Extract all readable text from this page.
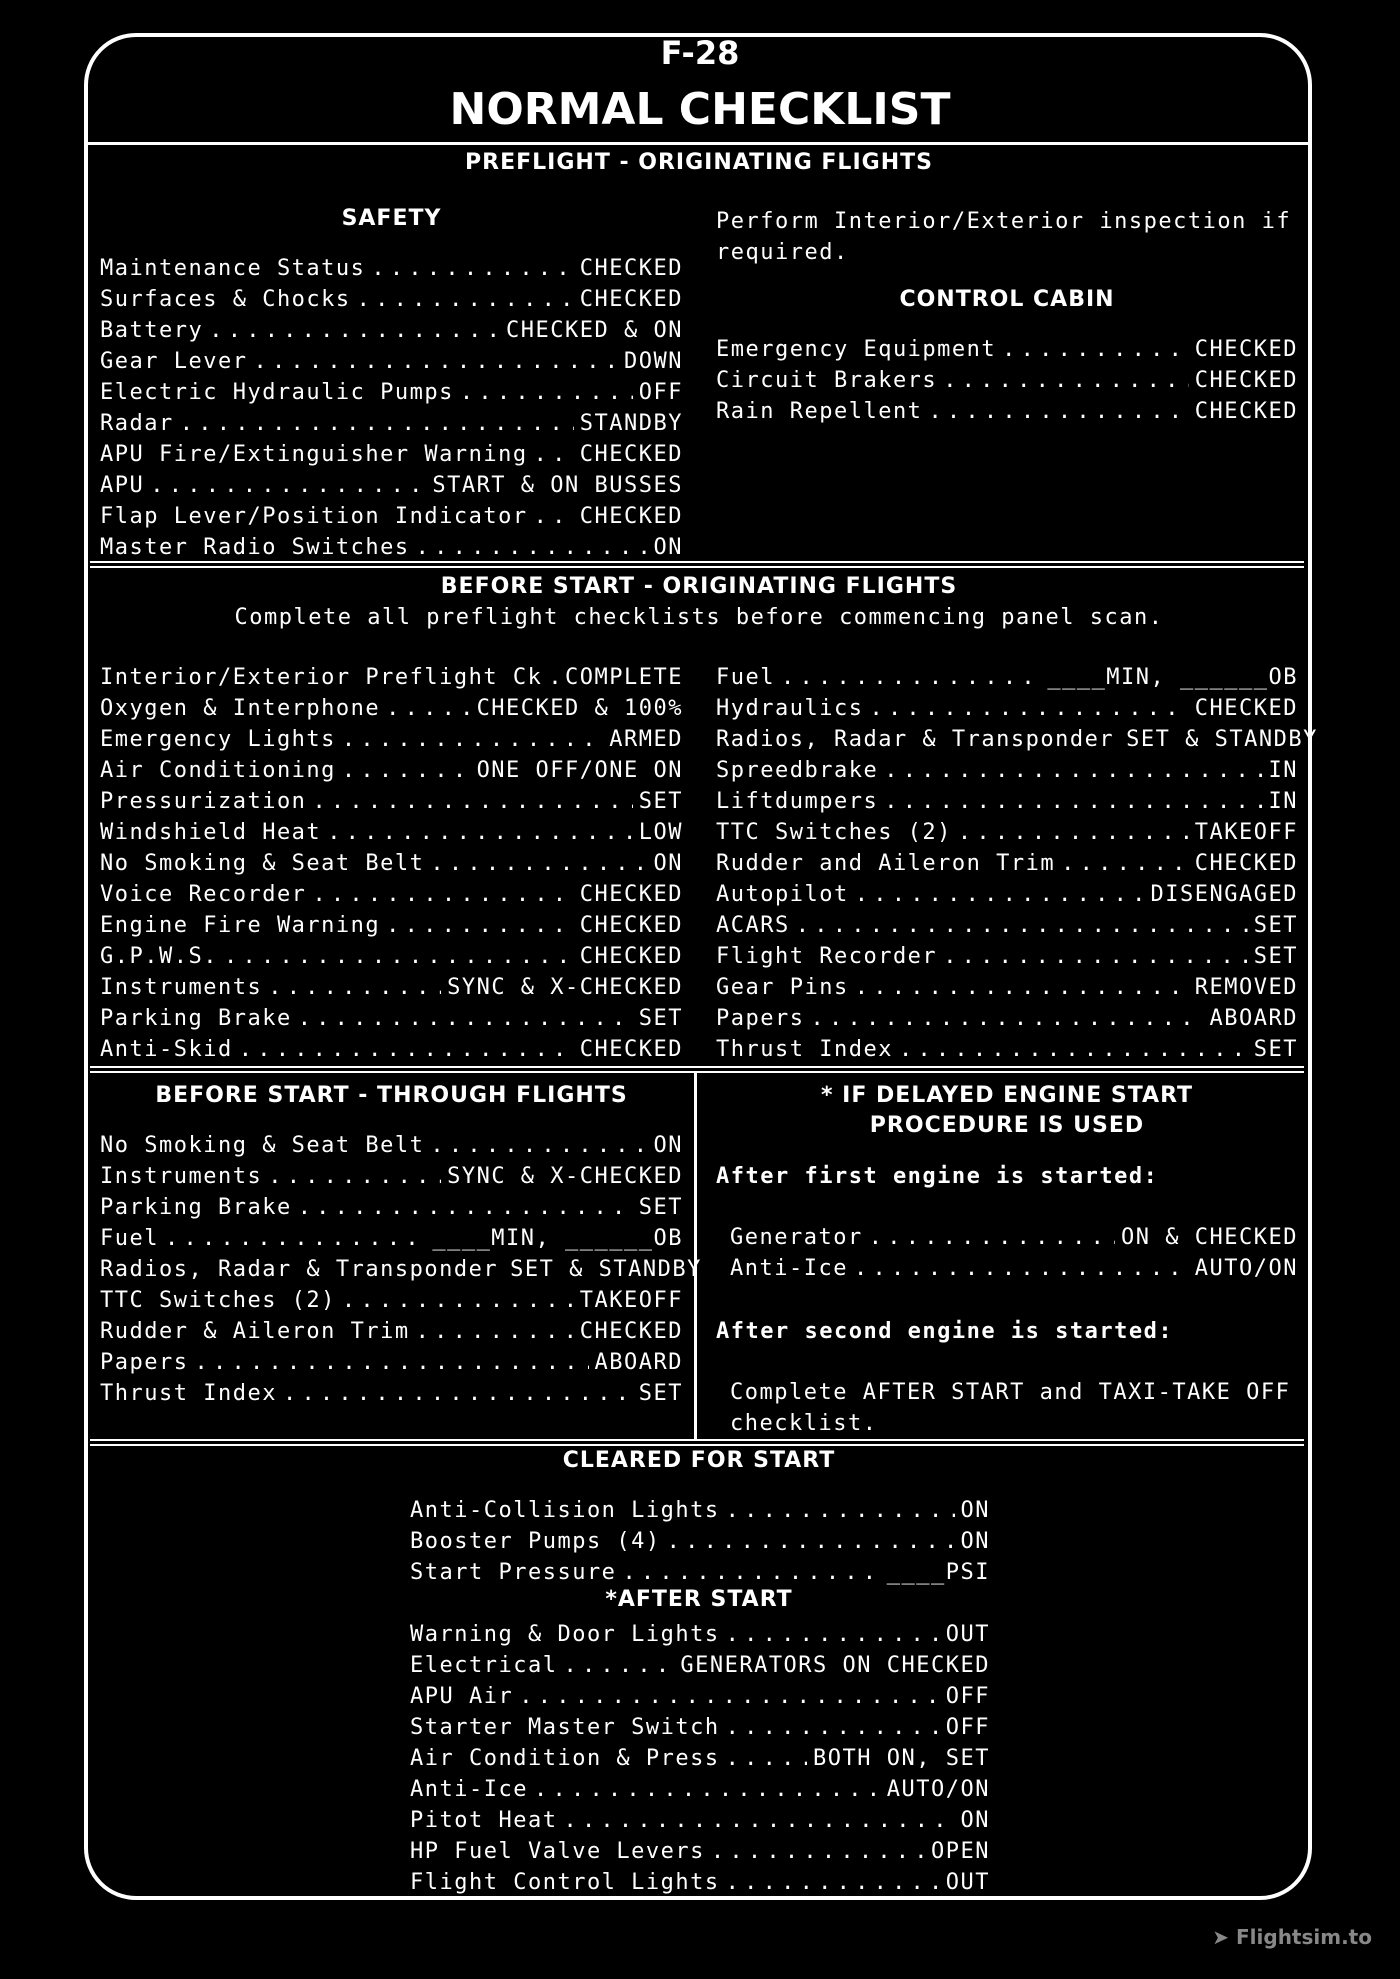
F-28
NORMAL CHECKLIST
PREFLIGHT - ORIGINATING FLIGHTS
SAFETY
Maintenance Status . . .	CHECKED
Surfaces & Chocks . . .	CHECKED
Battery . . .	CHECKED & ON
Gear Lever . . .	DOWN
Electric Hydraulic Pumps . . .	OFF
Radar . . .	STANDBY
APU Fire/Extinguisher Warning . . . CHECKED
APU . . .	START & ON BUSSES
Flap Lever/Position Indicator . . . CHECKED
Master Radio Switches . . .	ON
Perform Interior/Exterior inspection if required.
CONTROL CABIN
Emergency Equipment . . .	CHECKED
Circuit Brakers . . .	CHECKED
Rain Repellent . . .	CHECKED
BEFORE START - ORIGINATING FLIGHTS
Complete all preflight checklists before commencing panel scan.
Interior/Exterior Preflight Ck . . . COMPLETE
Oxygen & Interphone . . .	CHECKED & 100%
Emergency Lights . . .	ARMED
Air Conditioning . . .	ONE OFF/ONE ON
Pressurization . . .	SET
Windshield Heat . . .	LOW
No Smoking & Seat Belt . . .	ON
Voice Recorder . . .	CHECKED
Engine Fire Warning . . .	CHECKED
G.P.W.S. . . .	CHECKED
Instruments . . .	SYNC & X-CHECKED
Parking Brake . . .	SET
Anti-Skid . . .	CHECKED
Fuel . . .	____MIN, ______OB
Hydraulics . . .	CHECKED
Radios, Radar & Transponder SET & STANDBY
Spreedbrake . . .	IN
Liftdumpers . . .	IN
TTC Switches (2) . . .	TAKEOFF
Rudder and Aileron Trim . . .	CHECKED
Autopilot . . .	DISENGAGED
ACARS . . .	SET
Flight Recorder . . .	SET
Gear Pins . . .	REMOVED
Papers . . .	ABOARD
Thrust Index . . .	SET
BEFORE START - THROUGH FLIGHTS
No Smoking & Seat Belt . . .	ON
Instruments . . .	SYNC & X-CHECKED
Parking Brake . . .	SET
Fuel . . .	____MIN, ______OB
Radios, Radar & Transponder SET & STANDBY
TTC Switches (2) . . .	TAKEOFF
Rudder & Aileron Trim . . .	CHECKED
Papers . . .	ABOARD
Thrust Index . . .	SET
* IF DELAYED ENGINE START
PROCEDURE IS USED
After first engine is started:
Generator . . .	ON & CHECKED
Anti-Ice . . .	AUTO/ON
After second engine is started:
Complete AFTER START and TAXI-TAKE OFF checklist.
CLEARED FOR START
Anti-Collision Lights . . .	ON
Booster Pumps (4) . . .	ON
Start Pressure . . .	____PSI
*AFTER START
Warning & Door Lights . . .	OUT
Electrical . . .	GENERATORS ON CHECKED
APU Air . . .	OFF
Starter Master Switch . . .	OFF
Air Condition & Press . . .	BOTH ON, SET
Anti-Ice . . .	AUTO/ON
Pitot Heat . . .	ON
HP Fuel Valve Levers . . .	OPEN
Flight Control Lights . . .	OUT
➤ Flightsim.to
